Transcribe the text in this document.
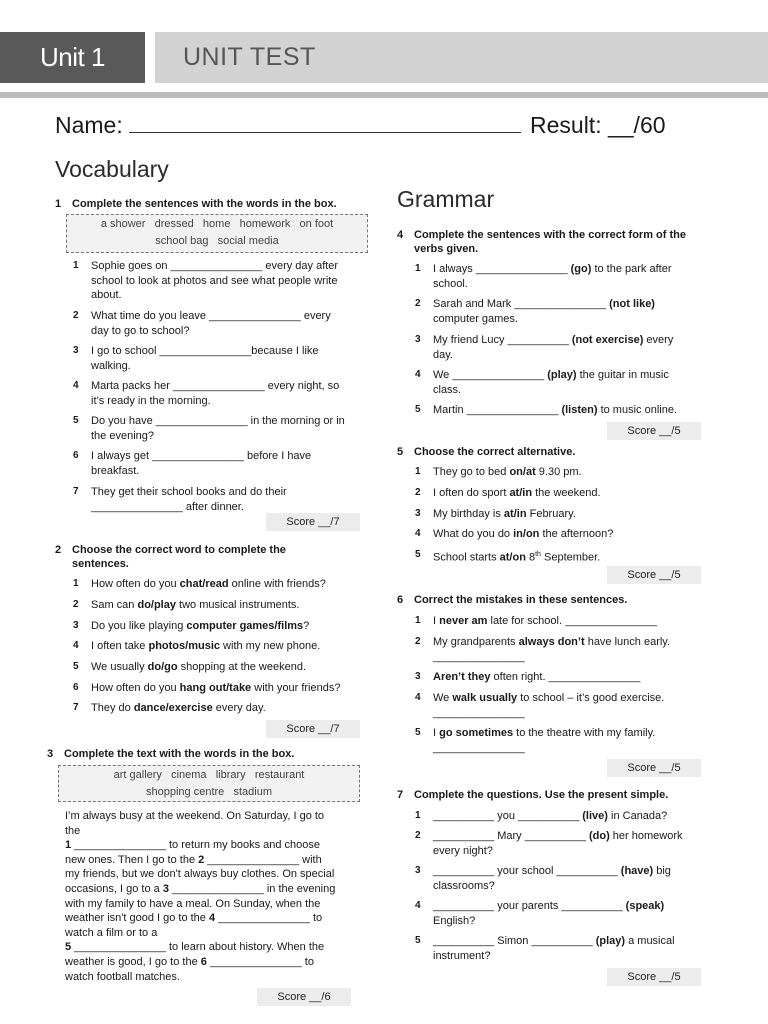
Unit 1	UNIT TEST
Name:	Result: __/60
Vocabulary
1 Complete the sentences with the words in the box.
a shower   dressed   home   homework   on foot
school bag   social media
1 Sophie goes on _______________ every day after
school to look at photos and see what people write
about.
2 What time do you leave _______________ every
day to go to school?
3 I go to school _______________because I like
walking.
4 Marta packs her _______________ every night, so
it’s ready in the morning.
5 Do you have _______________ in the morning or in
the evening?
6 I always get _______________ before I have
breakfast.
7 They get their school books and do their
_______________ after dinner.
Score __/7
2 Choose the correct word to complete the
sentences.
1 How often do you chat/read online with friends?
2 Sam can do/play two musical instruments.
3 Do you like playing computer games/films?
4 I often take photos/music with my new phone.
5 We usually do/go shopping at the weekend.
6 How often do you hang out/take with your friends?
7 They do dance/exercise every day.
Score __/7
3 Complete the text with the words in the box.
art gallery   cinema   library   restaurant
shopping centre   stadium
I’m always busy at the weekend. On Saturday, I go to
the
1 _______________ to return my books and choose
new ones. Then I go to the 2 _______________ with
my friends, but we don't always buy clothes. On special
occasions, I go to a 3 _______________ in the evening
with my family to have a meal. On Sunday, when the
weather isn't good I go to the 4 _______________ to
watch a film or to a
5 _______________ to learn about history. When the
weather is good, I go to the 6 _______________ to
watch football matches.
Score __/6
Grammar
4 Complete the sentences with the correct form of the
verbs given.
1 I always _______________ (go) to the park after
school.
2 Sarah and Mark _______________ (not like)
computer games.
3 My friend Lucy __________ (not exercise) every
day.
4 We _______________ (play) the guitar in music
class.
5 Martin _______________ (listen) to music online.
Score __/5
5 Choose the correct alternative.
1 They go to bed on/at 9.30 pm.
2 I often do sport at/in the weekend.
3 My birthday is at/in February.
4 What do you do in/on the afternoon?
5 School starts at/on 8th September.
Score __/5
6 Correct the mistakes in these sentences.
1 I never am late for school. _______________
2 My grandparents always don’t have lunch early.
_______________
3 Aren’t they often right. _______________
4 We walk usually to school – it’s good exercise.
_______________
5 I go sometimes to the theatre with my family.
_______________
Score __/5
7 Complete the questions. Use the present simple.
1 __________ you __________ (live) in Canada?
2 __________ Mary __________ (do) her homework
every night?
3 __________ your school __________ (have) big
classrooms?
4 __________ your parents __________ (speak)
English?
5 __________ Simon __________ (play) a musical
instrument?
Score __/5
